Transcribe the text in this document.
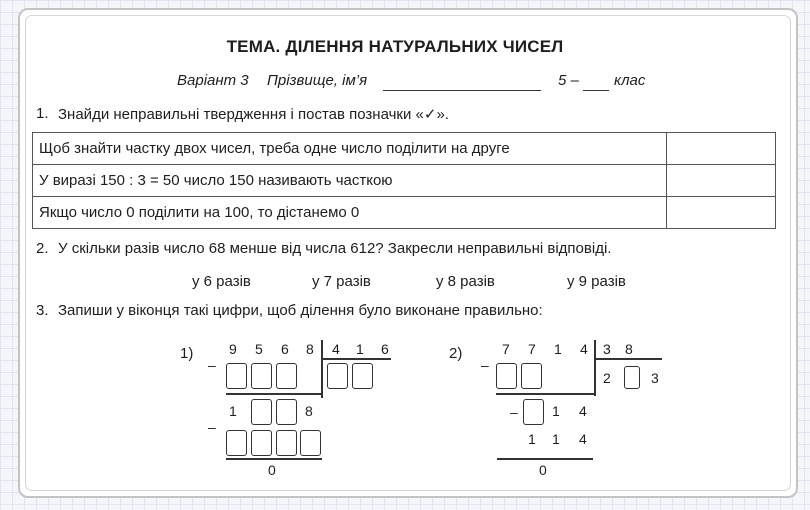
ТЕМА. ДІЛЕННЯ НАТУРАЛЬНИХ ЧИСЕЛ
Варіант 3 Прізвище, ім’я	5 – клас
1. Знайди неправильні твердження і постав позначки «✓».
Щоб знайти частку двох чисел, треба одне число поділити на друге	
У виразі 150 : 3 = 50 число 150 називають часткою	
Якщо число 0 поділити на 100, то дістанемо 0	
2. У скільки разів число 68 менше від числа 612? Закресли неправильні відповіді.
у 6 разів	у 7 разів	у 8 разів	у 9 разів
3. Запиши у віконця такі цифри, щоб ділення було виконане правильно:
1)
–
9 5 6 8 4 1 6
1	8
–
0
2)
–
7 7 1 4 3 8
2	3
– 1 4
1 1 4
0
